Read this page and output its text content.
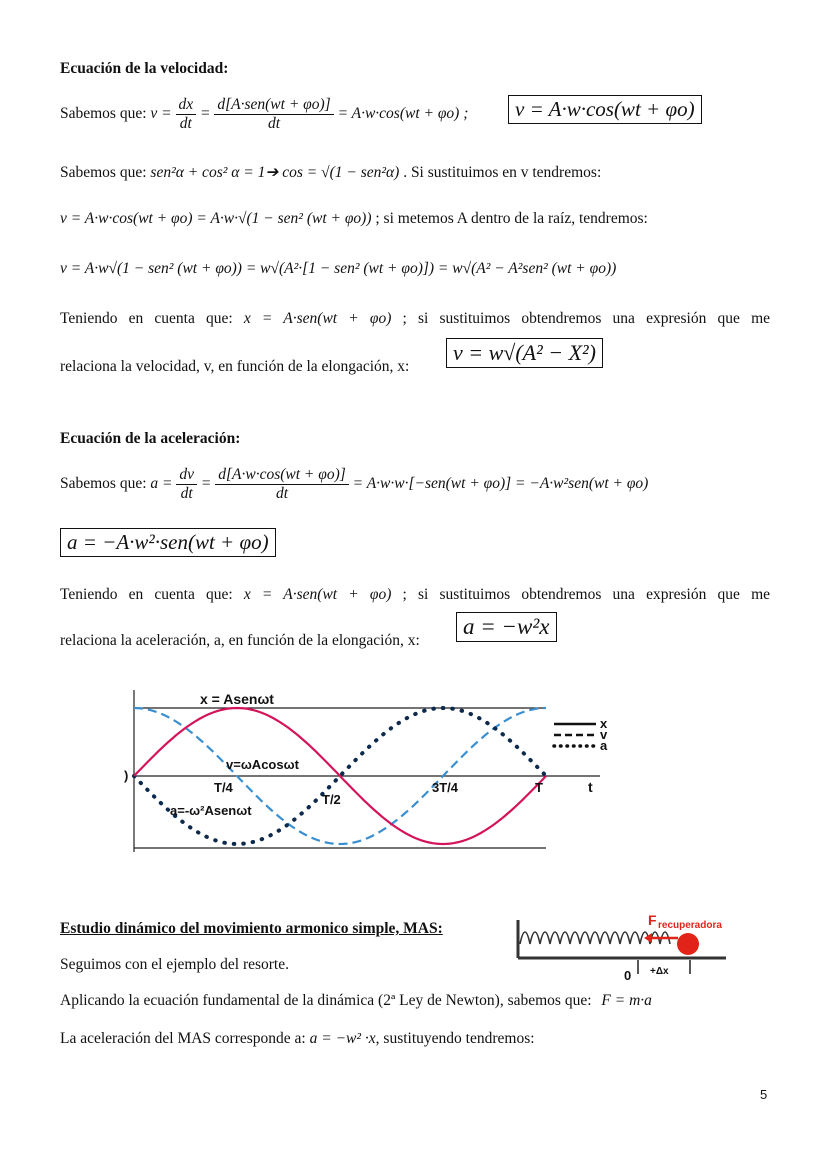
Ecuación de la velocidad:
Sabemos que: $v = \frac{dx}{dt} = \frac{\text{d[A·sen(wt + φo)]}}{dt} = A\cdot w\cdot\cos(wt + \varphi o)$ ;	v = A·w·cos(wt + φo)
Sabemos que: sen²α + cos² α = 1➔ cos = √(1 − sen²α) . Si sustituimos en v tendremos:
v = A·w·cos(wt + φo) = A·w·√(1 − sen² (wt + φo)) ; si metemos A dentro de la raíz, tendremos:
v = A·w√(1 − sen² (wt + φo)) = w√(A²·[1 − sen² (wt + φo)]) = w√(A² − A²sen² (wt + φo))
Teniendo en cuenta que: x = A·sen(wt + φo) ; si sustituimos obtendremos una expresión que me
relaciona la velocidad, v, en función de la elongación, x:
v = w√(A² − X²)
Ecuación de la aceleración:
Sabemos que: $a = \frac{dv}{dt} = \frac{d[A\cdot w\cdot\cos(wt + \varphi o)]}{dt} = A\cdot w\cdot w\cdot[-sen(wt + \varphi o)] = -A\cdot w^2sen(wt + \varphi o)$
a = −A·w²·sen(wt + φo)
Teniendo en cuenta que: x = A·sen(wt + φo) ; si sustituimos obtendremos una expresión que me
relaciona la aceleración, a, en función de la elongación, x:
a = −w²x
x = Asenωt
v=ωAcosωt
a=-ω²Asenωt
T/4
T/2
3T/4	T	t
)
x
v
a
Estudio dinámico del movimiento armonico simple, MAS:	F recuperadora
0 +Δx
Seguimos con el ejemplo del resorte.
Aplicando la ecuación fundamental de la dinámica (2ª Ley de Newton), sabemos que: F = m·a
La aceleración del MAS corresponde a: a = −w² ·x, sustituyendo tendremos:
5
